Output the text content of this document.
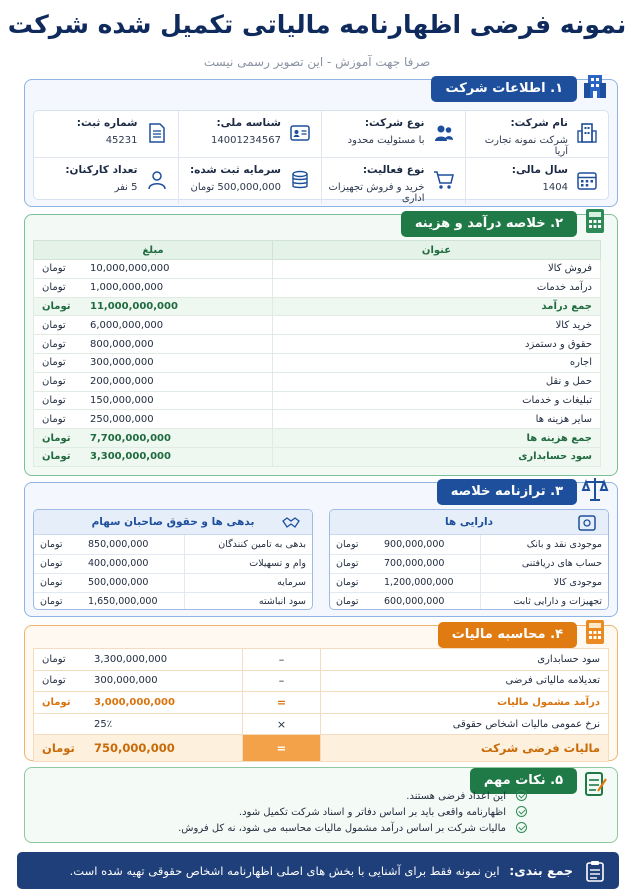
نمونه فرضی اظهارنامه مالیاتی تکمیل شده شرکت
صرفا جهت آموزش - این تصویر رسمی نیست
۱. اطلاعات شرکت
نام شرکت:
شرکت نمونه تجارت آریا
نوع شرکت:
با مسئولیت محدود
شناسه ملی:
14001234567
شماره ثبت:
45231
سال مالی:
1404
نوع فعالیت:
خرید و فروش تجهیزات اداری
سرمایه ثبت شده:
500,000,000 تومان
تعداد کارکنان:
5 نفر
۲. خلاصه درآمد و هزینه
عنوان	مبلغ
فروش کالا	تومان 10,000,000,000
درآمد خدمات	تومان 1,000,000,000
جمع درآمد	تومان 11,000,000,000
خرید کالا	تومان 6,000,000,000
حقوق و دستمزد	تومان 800,000,000
اجاره	تومان 300,000,000
حمل و نقل	تومان 200,000,000
تبلیغات و خدمات	تومان 150,000,000
سایر هزینه ها	تومان 250,000,000
جمع هزینه ها	تومان 7,700,000,000
سود حسابداری	تومان 3,300,000,000
۳. ترازنامه خلاصه
دارایی ها
موجودی نقد و بانک	تومان 900,000,000
حساب های دریافتنی	تومان 700,000,000
موجودی کالا	تومان 1,200,000,000
تجهیزات و دارایی ثابت	تومان 600,000,000
بدهی ها و حقوق صاحبان سهام
بدهی به تامین کنندگان	تومان 850,000,000
وام و تسهیلات	تومان 400,000,000
سرمایه	تومان 500,000,000
سود انباشته	تومان 1,650,000,000
۴. محاسبه مالیات
سود حسابداری	–	تومان 3,300,000,000
تعدیلامه مالیاتی فرضی	–	تومان 300,000,000
درآمد مشمول مالیات	=	تومان 3,000,000,000
نرخ عمومی مالیات اشخاص حقوقی	×	25٪
مالیات فرضی شرکت	=	تومان 750,000,000
۵. نکات مهم
این اعداد فرضی هستند.
اظهارنامه واقعی باید بر اساس دفاتر و اسناد شرکت تکمیل شود.
مالیات شرکت بر اساس درآمد مشمول مالیات محاسبه می شود، نه کل فروش.
جمع بندی: این نمونه فقط برای آشنایی با بخش های اصلی اظهارنامه اشخاص حقوقی تهیه شده است.
